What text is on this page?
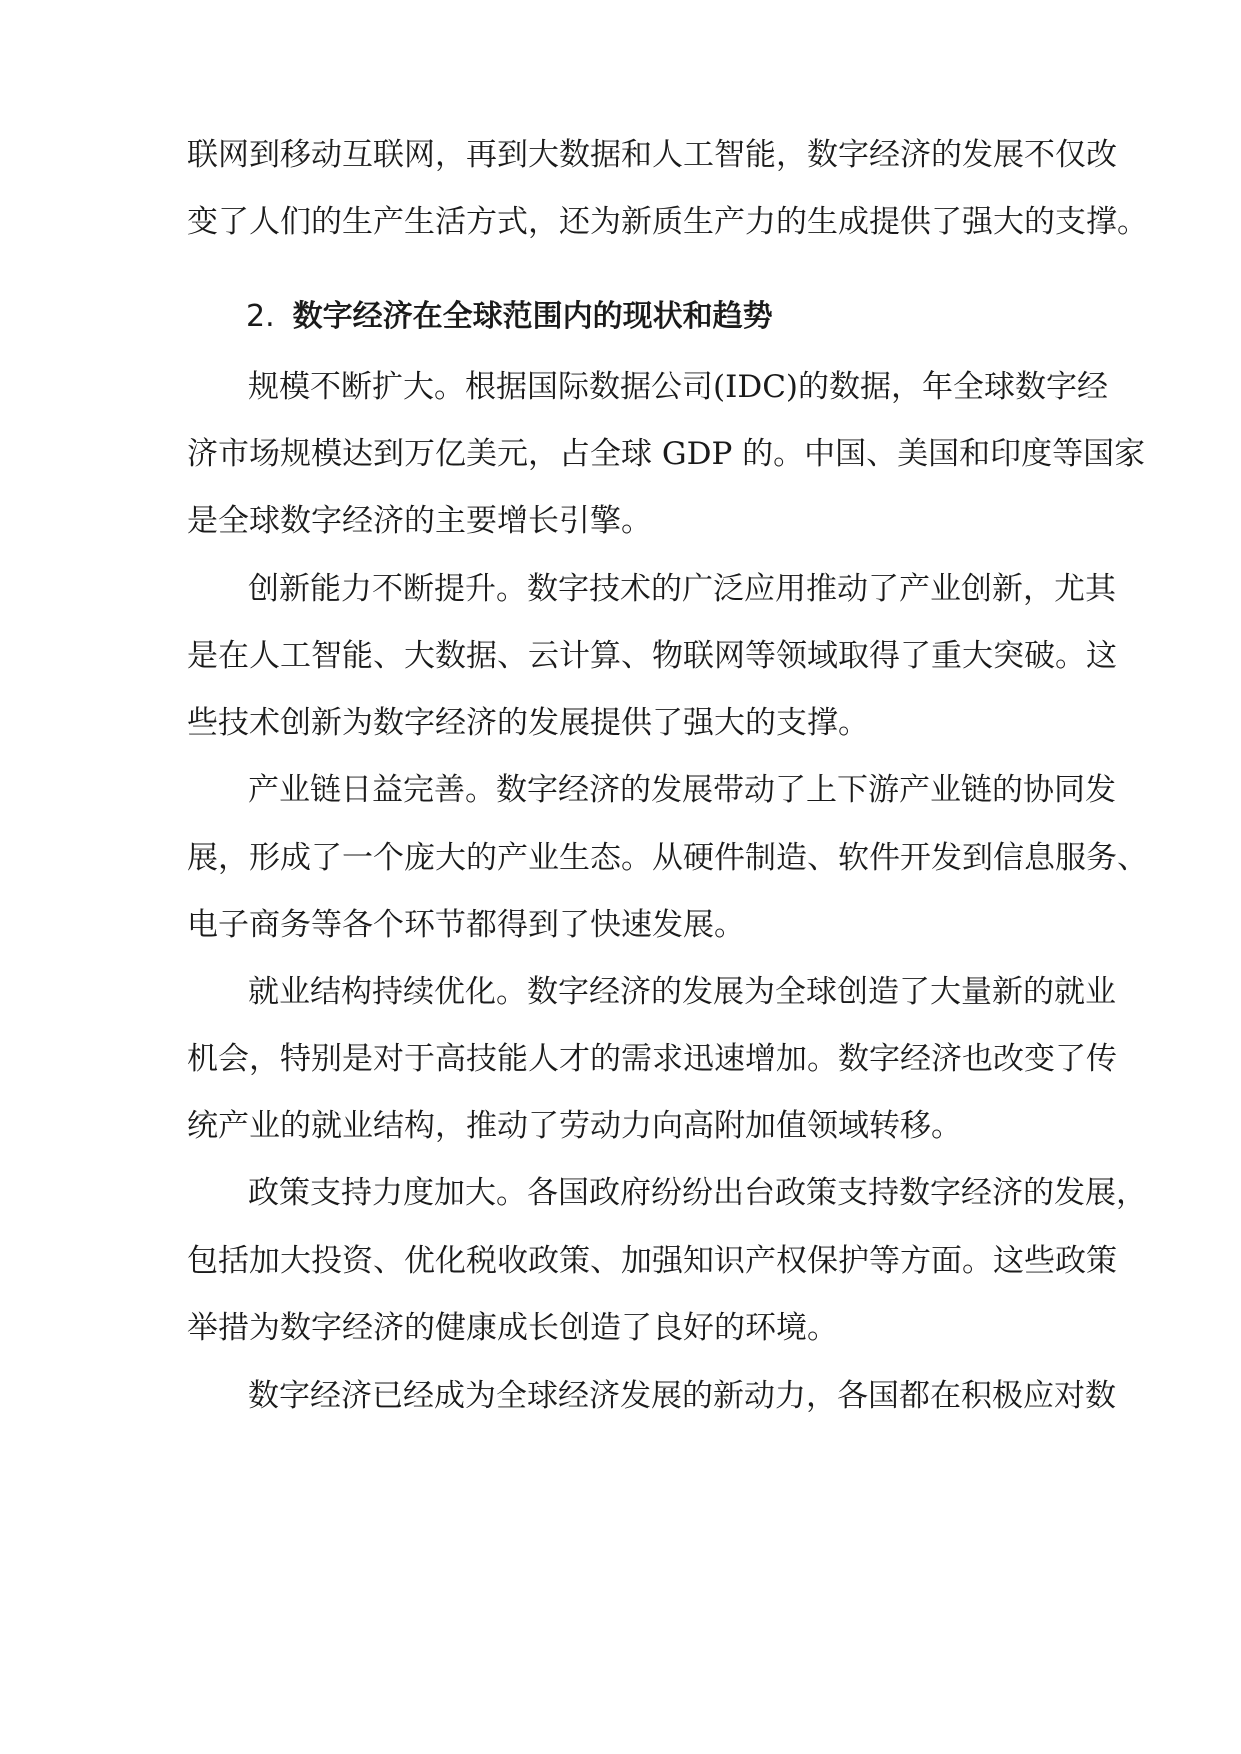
联网到移动互联网，再到大数据和人工智能，数字经济的发展不仅改
变了人们的生产生活方式，还为新质生产力的生成提供了强大的支撑。
2. 数字经济在全球范围内的现状和趋势
规模不断扩大。根据国际数据公司(IDC)的数据，年全球数字经
济市场规模达到万亿美元，占全球 GDP 的。中国、美国和印度等国家
是全球数字经济的主要增长引擎。
创新能力不断提升。数字技术的广泛应用推动了产业创新，尤其
是在人工智能、大数据、云计算、物联网等领域取得了重大突破。这
些技术创新为数字经济的发展提供了强大的支撑。
产业链日益完善。数字经济的发展带动了上下游产业链的协同发
展，形成了一个庞大的产业生态。从硬件制造、软件开发到信息服务、
电子商务等各个环节都得到了快速发展。
就业结构持续优化。数字经济的发展为全球创造了大量新的就业
机会，特别是对于高技能人才的需求迅速增加。数字经济也改变了传
统产业的就业结构，推动了劳动力向高附加值领域转移。
政策支持力度加大。各国政府纷纷出台政策支持数字经济的发展，
包括加大投资、优化税收政策、加强知识产权保护等方面。这些政策
举措为数字经济的健康成长创造了良好的环境。
数字经济已经成为全球经济发展的新动力，各国都在积极应对数
